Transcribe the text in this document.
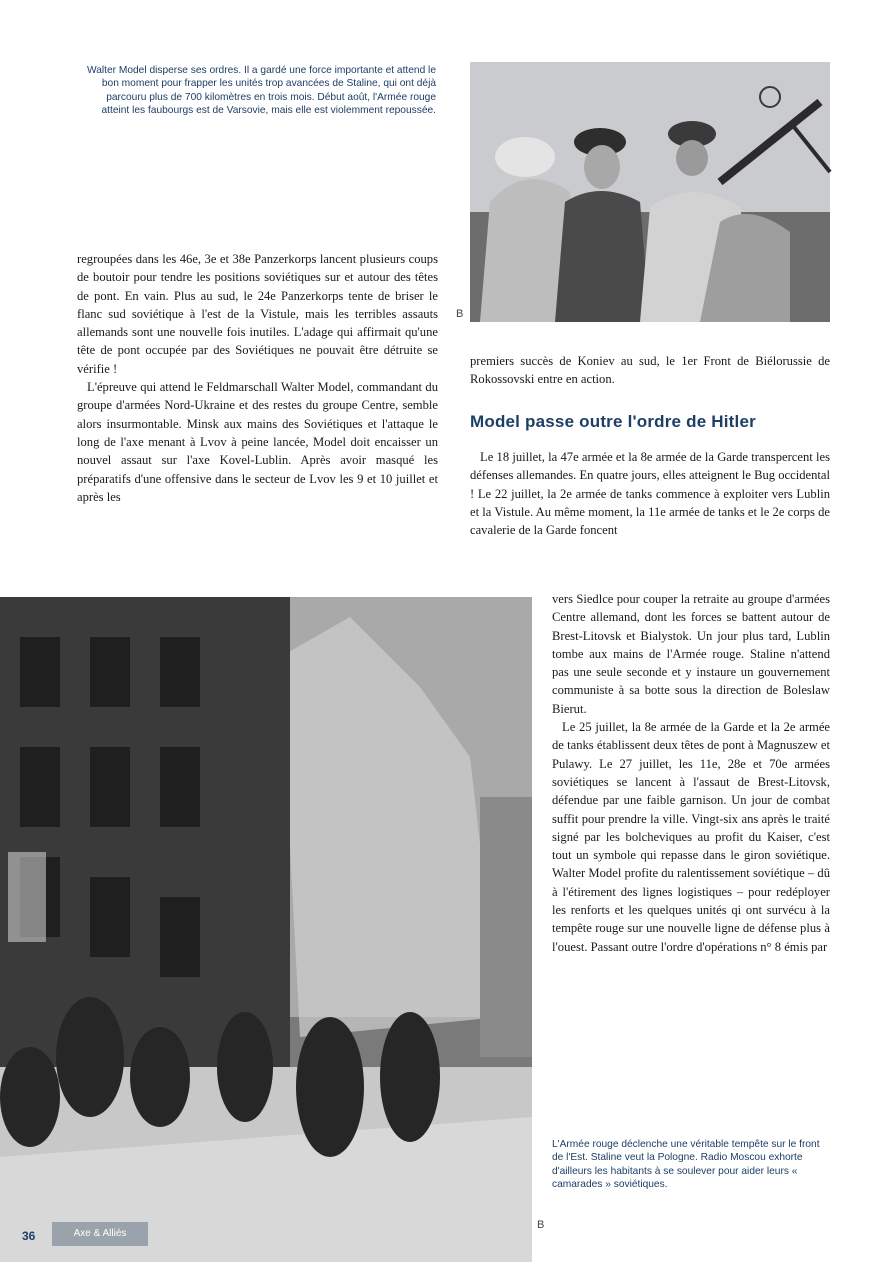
Walter Model disperse ses ordres. Il a gardé une force importante et attend le bon moment pour frapper les unités trop avancées de Staline, qui ont déjà parcouru plus de 700 kilomètres en trois mois. Début août, l'Armée rouge atteint les faubourgs est de Varsovie, mais elle est violemment repoussée.
B

regroupées dans les 46e, 3e et 38e Panzerkorps lancent plusieurs coups de boutoir pour tendre les positions soviétiques sur et autour des têtes de pont. En vain. Plus au sud, le 24e Panzerkorps tente de briser le flanc sud soviétique à l'est de la Vistule, mais les terribles assauts allemands sont une nouvelle fois inutiles. L'adage qui affirmait qu'une tête de pont occupée par des Soviétiques ne pouvait être détruite se vérifie !

L'épreuve qui attend le Feldmarschall Walter Model, commandant du groupe d'armées Nord-Ukraine et des restes du groupe Centre, semble alors insurmontable. Minsk aux mains des Soviétiques et l'attaque le long de l'axe menant à Lvov à peine lancée, Model doit encaisser un nouvel assaut sur l'axe Kovel-Lublin. Après avoir masqué les préparatifs d'une offensive dans le secteur de Lvov les 9 et 10 juillet et après les

premiers succès de Koniev au sud, le 1er Front de Biélorussie de Rokossovski entre en action.
Model passe outre l'ordre de Hitler
Le 18 juillet, la 47e armée et la 8e armée de la Garde transpercent les défenses allemandes. En quatre jours, elles atteignent le Bug occidental ! Le 22 juillet, la 2e armée de tanks commence à exploiter vers Lublin et la Vistule. Au même moment, la 11e armée de tanks et le 2e corps de cavalerie de la Garde foncent
B

vers Siedlce pour couper la retraite au groupe d'armées Centre allemand, dont les forces se battent autour de Brest-Litovsk et Bialystok. Un jour plus tard, Lublin tombe aux mains de l'Armée rouge. Staline n'attend pas une seule seconde et y instaure un gouvernement communiste à sa botte sous la direction de Boleslaw Bierut.

Le 25 juillet, la 8e armée de la Garde et la 2e armée de tanks établissent deux têtes de pont à Magnuszew et Pulawy. Le 27 juillet, les 11e, 28e et 70e armées soviétiques se lancent à l'assaut de Brest-Litovsk, défendue par une faible garnison. Un jour de combat suffit pour prendre la ville. Vingt-six ans après le traité signé par les bolcheviques au profit du Kaiser, c'est tout un symbole qui repasse dans le giron soviétique. Walter Model profite du ralentissement soviétique – dû à l'étirement des lignes logistiques – pour redéployer les renforts et les quelques unités qi ont survécu à la tempête rouge sur une nouvelle ligne de défense plus à l'ouest. Passant outre l'ordre d'opérations n° 8 émis par

L'Armée rouge déclenche une véritable tempête sur le front de l'Est. Staline veut la Pologne. Radio Moscou exhorte d'ailleurs les habitants à se soulever pour aider leurs « camarades » soviétiques.
36	Axe & Alliés
